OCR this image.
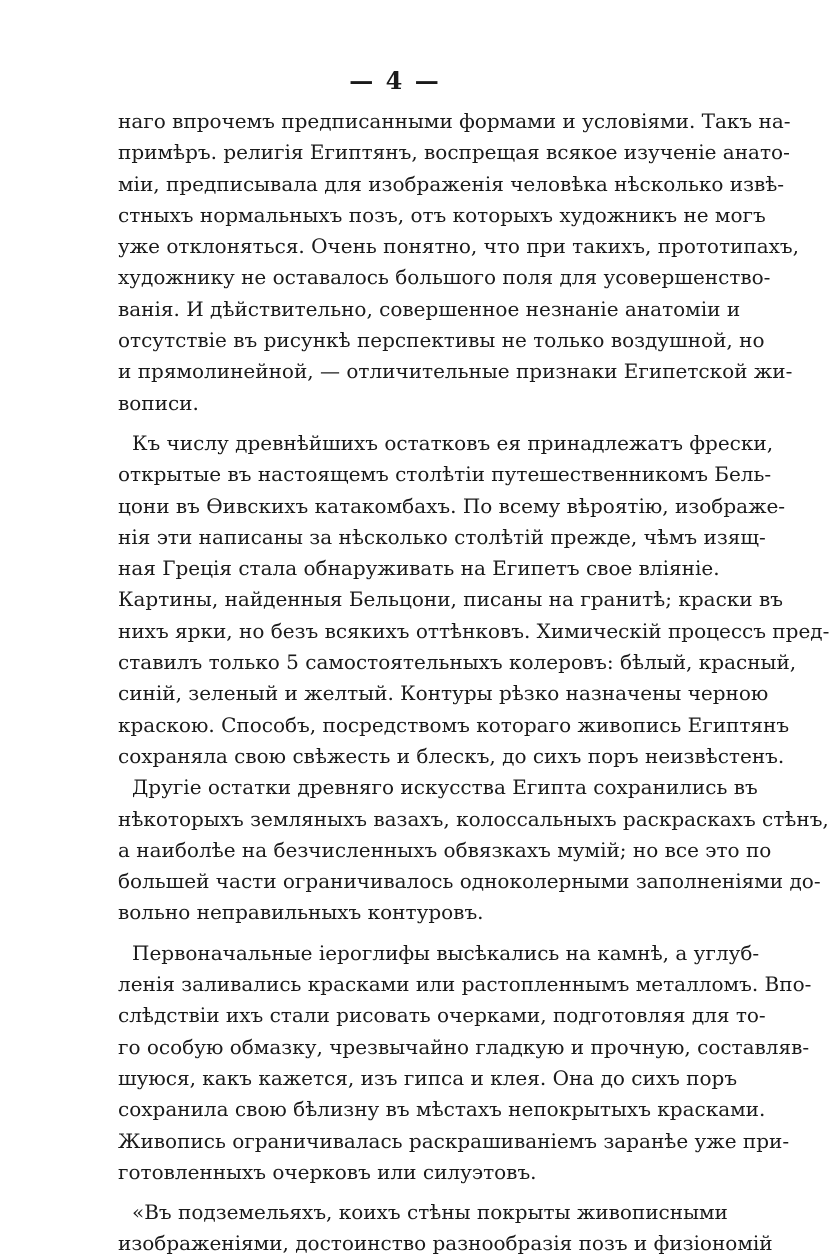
— 4 —
наго впрочемъ предписанными формами и условіями. Такъ на-
примѣръ. религія Египтянъ, воспрещая всякое изученіе анато-
міи, предписывала для изображенія человѣка нѣсколько извѣ-
стныхъ нормальныхъ позъ, отъ которыхъ художникъ не могъ
уже отклоняться. Очень понятно, что при такихъ, прототипахъ,
художнику не оставалось большого поля для усовершенство-
ванія. И дѣйствительно, совершенное незнаніе анатоміи и
отсутствіе въ рисункѣ перспективы не только воздушной, но
и прямолинейной, — отличительные признаки Египетской жи-
вописи.
Къ числу древнѣйшихъ остатковъ ея принадлежатъ фрески,
открытые въ настоящемъ столѣтіи путешественникомъ Бель-
цони въ Ѳивскихъ катакомбахъ. По всему вѣроятію, изображе-
нія эти написаны за нѣсколько столѣтій прежде, чѣмъ изящ-
ная Греція стала обнаруживать на Египетъ свое вліяніе.
Картины, найденныя Бельцони, писаны на гранитѣ; краски въ
нихъ ярки, но безъ всякихъ оттѣнковъ. Химическій процессъ пред-
ставилъ только 5 самостоятельныхъ колеровъ: бѣлый, красный,
синій, зеленый и желтый. Контуры рѣзко назначены черною
краскою. Способъ, посредствомъ котораго живопись Египтянъ
сохраняла свою свѣжесть и блескъ, до сихъ поръ неизвѣстенъ.
Другіе остатки древняго искусства Египта сохранились въ
нѣкоторыхъ земляныхъ вазахъ, колоссальныхъ раскраскахъ стѣнъ,
а наиболѣе на безчисленныхъ обвязкахъ мумій; но все это по
большей части ограничивалось одноколерными заполненіями до-
вольно неправильныхъ контуровъ.
Первоначальные іероглифы высѣкались на камнѣ, а углуб-
ленія заливались красками или растопленнымъ металломъ. Впо-
слѣдствіи ихъ стали рисовать очерками, подготовляя для то-
го особую обмазку, чрезвычайно гладкую и прочную, составляв-
шуюся, какъ кажется, изъ гипса и клея. Она до сихъ поръ
сохранила свою бѣлизну въ мѣстахъ непокрытыхъ красками.
Живопись ограничивалась раскрашиваніемъ заранѣе уже при-
готовленныхъ очерковъ или силуэтовъ.
«Въ подземельяхъ, коихъ стѣны покрыты живописными
изображеніями, достоинство разнообразія позъ и физіономій
